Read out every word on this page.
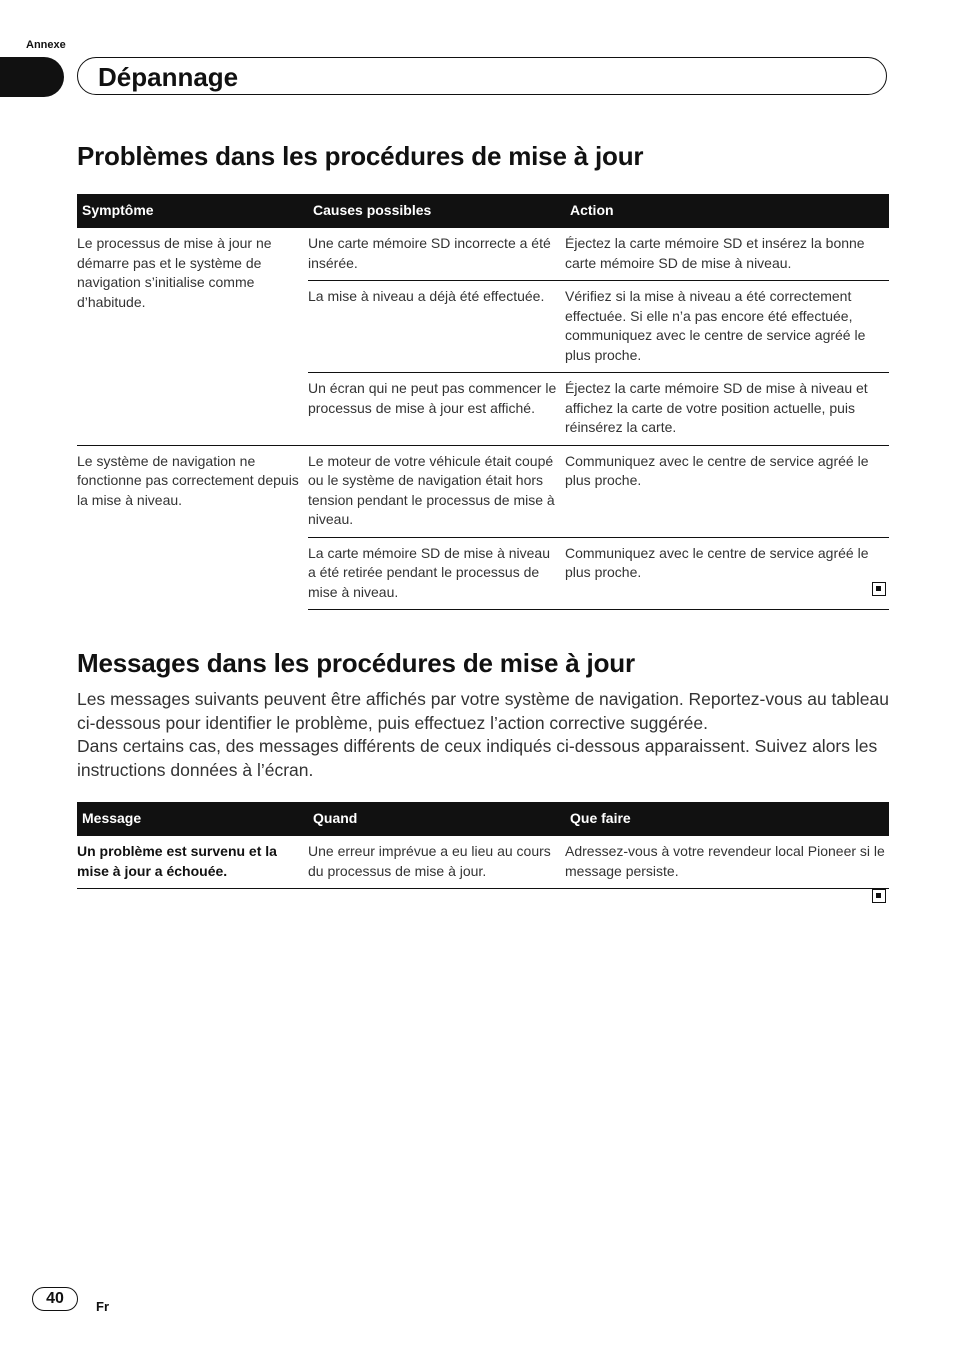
Annexe
Dépannage
Problèmes dans les procédures de mise à jour
Symptôme	Causes possibles	Action
Le processus de mise à jour ne démarre pas et le système de navigation s’initialise comme d’habitude.	Une carte mémoire SD incorrecte a été insérée.	Éjectez la carte mémoire SD et insérez la bonne carte mémoire SD de mise à niveau.
	La mise à niveau a déjà été effectuée.	Vérifiez si la mise à niveau a été correctement effectuée. Si elle n’a pas encore été effectuée, communiquez avec le centre de service agréé le plus proche.
	Un écran qui ne peut pas commencer le processus de mise à jour est affiché.	Éjectez la carte mémoire SD de mise à niveau et affichez la carte de votre position actuelle, puis réinsérez la carte.
Le système de navigation ne fonctionne pas correctement depuis la mise à niveau.	Le moteur de votre véhicule était coupé ou le système de navigation était hors tension pendant le processus de mise à niveau.	Communiquez avec le centre de service agréé le plus proche.
	La carte mémoire SD de mise à niveau a été retirée pendant le processus de mise à niveau.	Communiquez avec le centre de service agréé le plus proche.
Messages dans les procédures de mise à jour

Les messages suivants peuvent être affichés par votre système de navigation. Reportez-vous au tableau ci-dessous pour identifier le problème, puis effectuez l’action corrective suggérée.

Dans certains cas, des messages différents de ceux indiqués ci-dessous apparaissent. Suivez alors les instructions données à l’écran.

Message	Quand	Que faire
Un problème est survenu et la mise à jour a échouée.	Une erreur imprévue a eu lieu au cours du processus de mise à jour.	Adressez-vous à votre revendeur local Pioneer si le message persiste.
40	Fr
